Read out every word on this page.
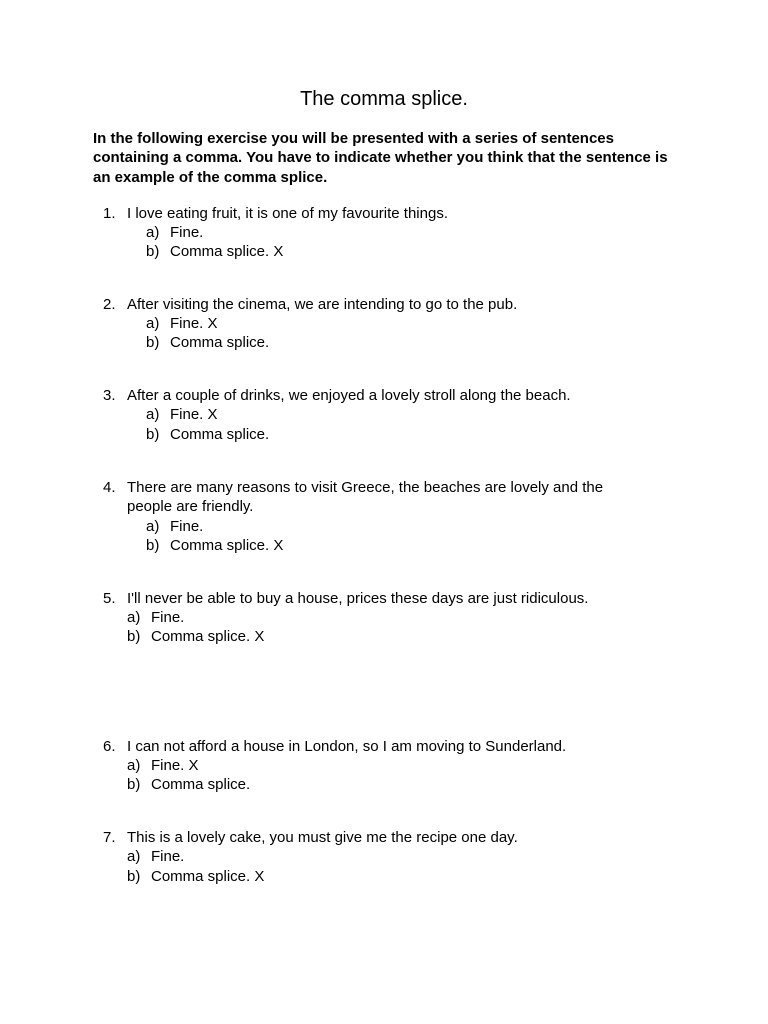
The comma splice.
In the following exercise you will be presented with a series of sentences containing a comma. You have to indicate whether you think that the sentence is an example of the comma splice.
1. I love eating fruit, it is one of my favourite things.
a) Fine.
b) Comma splice. X
2. After visiting the cinema, we are intending to go to the pub.
a) Fine. X
b) Comma splice.
3. After a couple of drinks, we enjoyed a lovely stroll along the beach.
a) Fine. X
b) Comma splice.
4. There are many reasons to visit Greece, the beaches are lovely and the people are friendly.
a) Fine.
b) Comma splice. X
5. I'll never be able to buy a house, prices these days are just ridiculous.
a) Fine.
b) Comma splice. X
6. I can not afford a house in London, so I am moving to Sunderland.
a) Fine. X
b) Comma splice.
7. This is a lovely cake, you must give me the recipe one day.
a) Fine.
b) Comma splice. X
